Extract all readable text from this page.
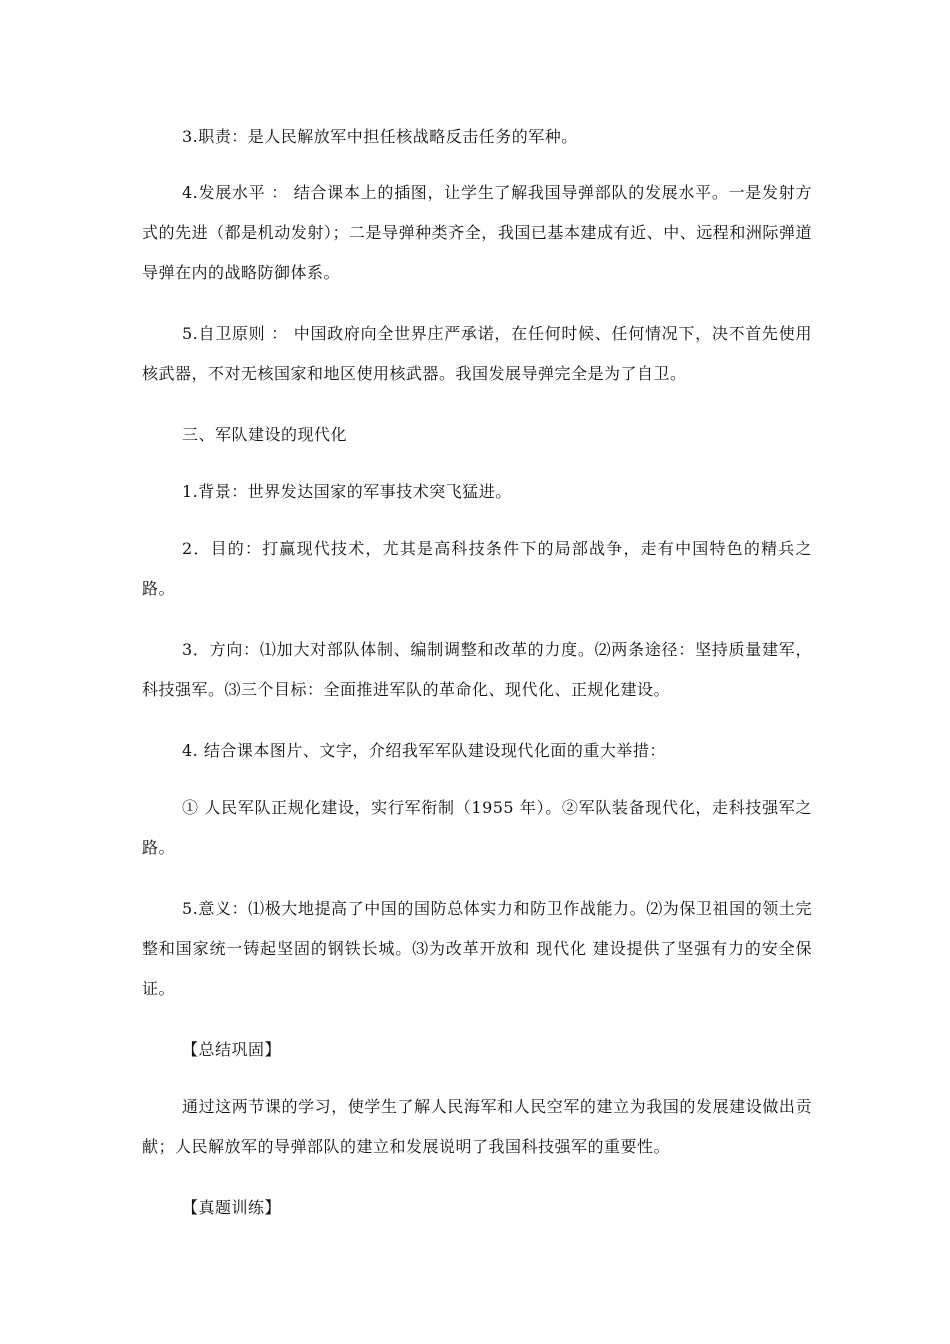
3.职责：是人民解放军中担任核战略反击任务的军种。

4.发展水平 ： 结合课本上的插图，让学生了解我国导弹部队的发展水平。一是发射方式的先进（都是机动发射）；二是导弹种类齐全，我国已基本建成有近、中、远程和洲际弹道导弹在内的战略防御体系。

5.自卫原则 ： 中国政府向全世界庄严承诺，在任何时候、任何情况下，决不首先使用核武器，不对无核国家和地区使用核武器。我国发展导弹完全是为了自卫。

三、军队建设的现代化

1.背景：世界发达国家的军事技术突飞猛进。

2．目的：打赢现代技术，尤其是高科技条件下的局部战争，走有中国特色的精兵之路。

3．方向：⑴加大对部队体制、编制调整和改革的力度。⑵两条途径：坚持质量建军，科技强军。⑶三个目标：全面推进军队的革命化、现代化、正规化建设。

4. 结合课本图片、文字，介绍我军军队建设现代化面的重大举措：

① 人民军队正规化建设，实行军衔制（1955 年）。②军队装备现代化，走科技强军之路。

5.意义：⑴极大地提高了中国的国防总体实力和防卫作战能力。⑵为保卫祖国的领土完整和国家统一铸起坚固的钢铁长城。⑶为改革开放和 现代化 建设提供了坚强有力的安全保证。

【总结巩固】

通过这两节课的学习，使学生了解人民海军和人民空军的建立为我国的发展建设做出贡献；人民解放军的导弹部队的建立和发展说明了我国科技强军的重要性。

【真题训练】
